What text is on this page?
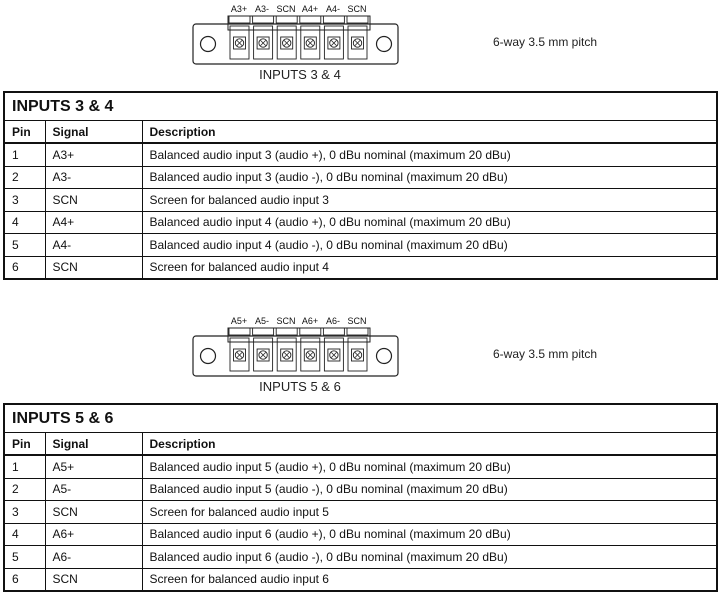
A3+ A3- SCN A4+ A4- SCN
INPUTS 3 & 4
6-way 3.5 mm pitch
INPUTS 3 & 4		
Pin	Signal	Description
1	A3+	Balanced audio input 3 (audio +), 0 dBu nominal (maximum 20 dBu)
2	A3-	Balanced audio input 3 (audio -), 0 dBu nominal (maximum 20 dBu)
3	SCN	Screen for balanced audio input 3
4	A4+	Balanced audio input 4 (audio +), 0 dBu nominal (maximum 20 dBu)
5	A4-	Balanced audio input 4 (audio -), 0 dBu nominal (maximum 20 dBu)
6	SCN	Screen for balanced audio input 4
A5+ A5- SCN A6+ A6- SCN
INPUTS 5 & 6
6-way 3.5 mm pitch
INPUTS 5 & 6		
Pin	Signal	Description
1	A5+	Balanced audio input 5 (audio +), 0 dBu nominal (maximum 20 dBu)
2	A5-	Balanced audio input 5 (audio -), 0 dBu nominal (maximum 20 dBu)
3	SCN	Screen for balanced audio input 5
4	A6+	Balanced audio input 6 (audio +), 0 dBu nominal (maximum 20 dBu)
5	A6-	Balanced audio input 6 (audio -), 0 dBu nominal (maximum 20 dBu)
6	SCN	Screen for balanced audio input 6
